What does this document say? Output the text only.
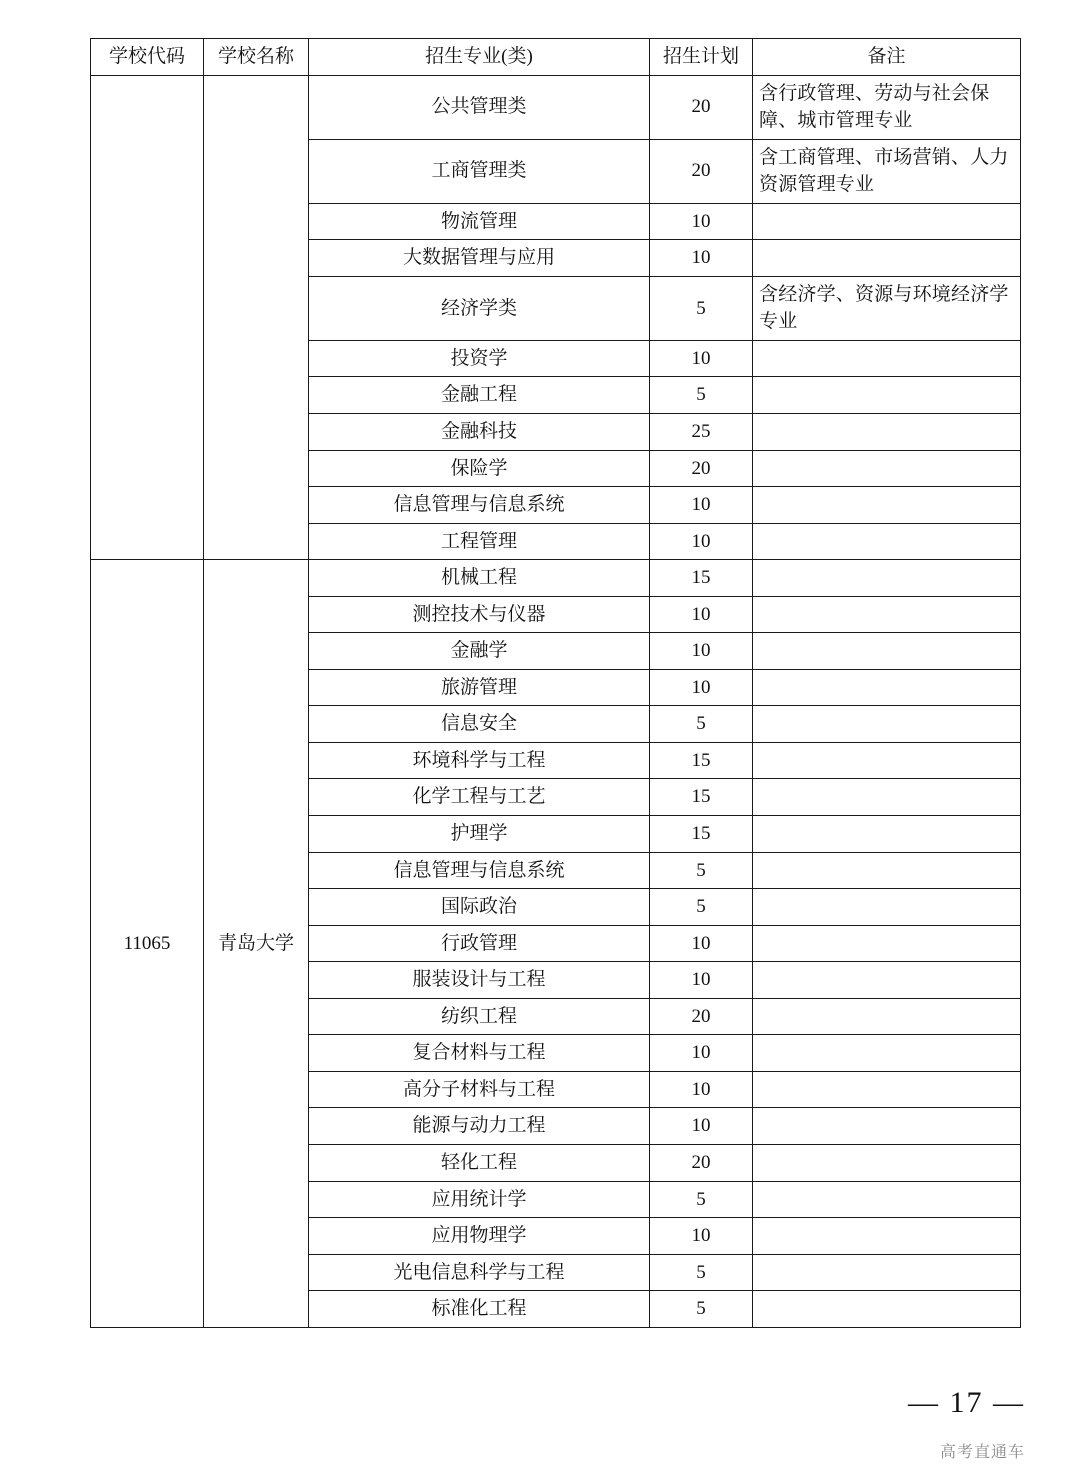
学校代码	学校名称	招生专业(类)	招生计划	备注
		公共管理类	20	含行政管理、劳动与社会保障、城市管理专业
		工商管理类	20	含工商管理、市场营销、人力资源管理专业
		物流管理	10	
		大数据管理与应用	10	
		经济学类	5	含经济学、资源与环境经济学专业
		投资学	10	
		金融工程	5	
		金融科技	25	
		保险学	20	
		信息管理与信息系统	10	
		工程管理	10	
11065	青岛大学	机械工程	15	
		测控技术与仪器	10	
		金融学	10	
		旅游管理	10	
		信息安全	5	
		环境科学与工程	15	
		化学工程与工艺	15	
		护理学	15	
		信息管理与信息系统	5	
		国际政治	5	
		行政管理	10	
		服装设计与工程	10	
		纺织工程	20	
		复合材料与工程	10	
		高分子材料与工程	10	
		能源与动力工程	10	
		轻化工程	20	
		应用统计学	5	
		应用物理学	10	
		光电信息科学与工程	5	
		标准化工程	5	
— 17 —
高考直通车
